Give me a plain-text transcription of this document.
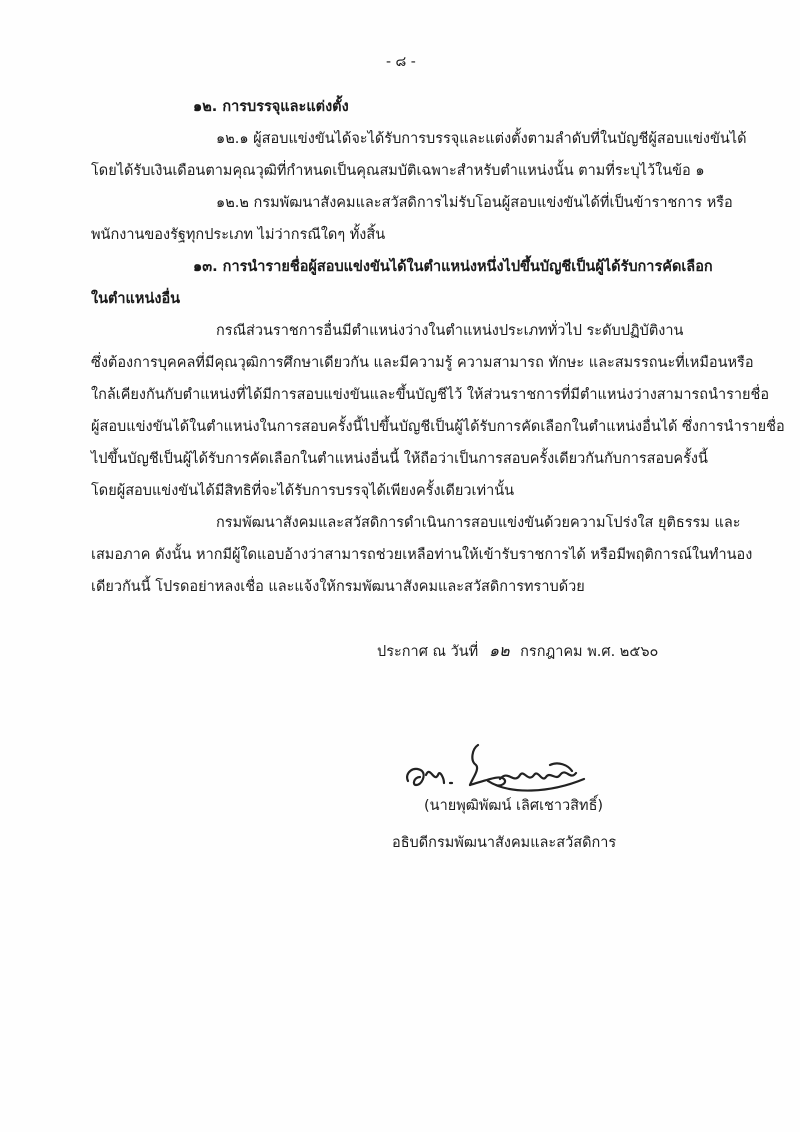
- ๘ -
๑๒. การบรรจุและแต่งตั้ง
๑๒.๑ ผู้สอบแข่งขันได้จะได้รับการบรรจุและแต่งตั้งตามลำดับที่ในบัญชีผู้สอบแข่งขันได้
โดยได้รับเงินเดือนตามคุณวุฒิที่กำหนดเป็นคุณสมบัติเฉพาะสำหรับตำแหน่งนั้น ตามที่ระบุไว้ในข้อ ๑
๑๒.๒ กรมพัฒนาสังคมและสวัสดิการไม่รับโอนผู้สอบแข่งขันได้ที่เป็นข้าราชการ หรือ
พนักงานของรัฐทุกประเภท ไม่ว่ากรณีใดๆ ทั้งสิ้น
๑๓. การนำรายชื่อผู้สอบแข่งขันได้ในตำแหน่งหนึ่งไปขึ้นบัญชีเป็นผู้ได้รับการคัดเลือก
ในตำแหน่งอื่น
กรณีส่วนราชการอื่นมีตำแหน่งว่างในตำแหน่งประเภททั่วไป ระดับปฏิบัติงาน
ซึ่งต้องการบุคคลที่มีคุณวุฒิการศึกษาเดียวกัน และมีความรู้ ความสามารถ ทักษะ และสมรรถนะที่เหมือนหรือ
ใกล้เคียงกันกับตำแหน่งที่ได้มีการสอบแข่งขันและขึ้นบัญชีไว้ ให้ส่วนราชการที่มีตำแหน่งว่างสามารถนำรายชื่อ
ผู้สอบแข่งขันได้ในตำแหน่งในการสอบครั้งนี้ไปขึ้นบัญชีเป็นผู้ได้รับการคัดเลือกในตำแหน่งอื่นได้ ซึ่งการนำรายชื่อ
ไปขึ้นบัญชีเป็นผู้ได้รับการคัดเลือกในตำแหน่งอื่นนี้ ให้ถือว่าเป็นการสอบครั้งเดียวกันกับการสอบครั้งนี้
โดยผู้สอบแข่งขันได้มีสิทธิที่จะได้รับการบรรจุได้เพียงครั้งเดียวเท่านั้น
กรมพัฒนาสังคมและสวัสดิการดำเนินการสอบแข่งขันด้วยความโปร่งใส ยุติธรรม และ
เสมอภาค ดังนั้น หากมีผู้ใดแอบอ้างว่าสามารถช่วยเหลือท่านให้เข้ารับราชการได้ หรือมีพฤติการณ์ในทำนอง
เดียวกันนี้ โปรดอย่าหลงเชื่อ และแจ้งให้กรมพัฒนาสังคมและสวัสดิการทราบด้วย
ประกาศ ณ วันที่ ๑๒ กรกฎาคม พ.ศ. ๒๕๖๐
(นายพุฒิพัฒน์ เลิศเชาวสิทธิ์)
อธิบดีกรมพัฒนาสังคมและสวัสดิการ
